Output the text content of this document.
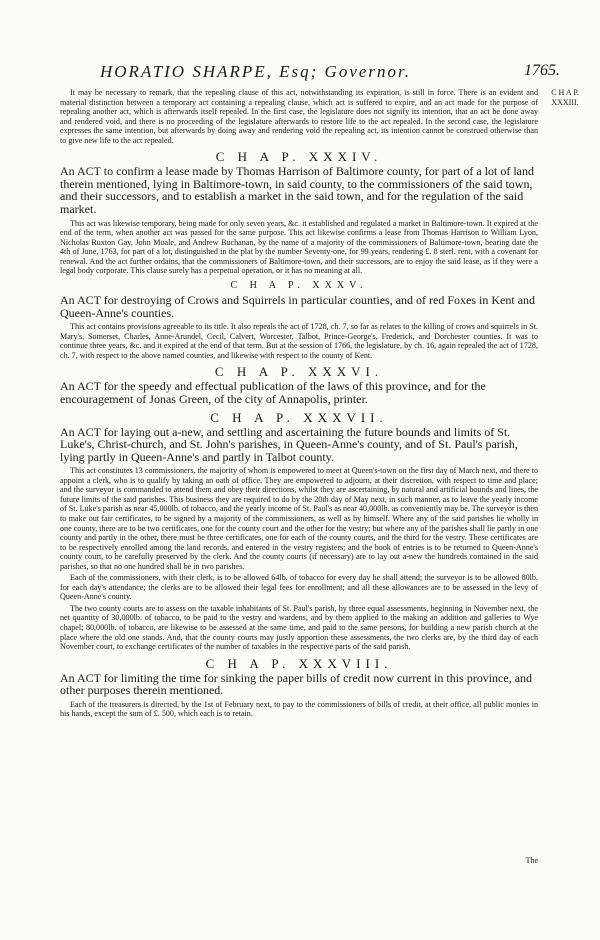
HORATIO SHARPE, Esq; Governor.	1765.
C H A P.
XXXIII.

It may be necessary to remark, that the repealing clause of this act, notwithstanding its expiration, is still in force. There is an evident and material distinction between a temporary act containing a repealing clause, which act is suffered to expire, and an act made for the purpose of repealing another act, which is afterwards itself repealed. In the first case, the legislature does not signify its intention, that an act be done away and rendered void, and there is no proceeding of the legislature afterwards to restore life to the act repealed. In the second case, the legislature expresses the same intention, but afterwards by doing away and rendering void the repealing act, its intention cannot be construed otherwise than to give new life to the act repealed.

C H A P. XXXIV.

An ACT to confirm a lease made by Thomas Harrison of Baltimore county, for part of a lot of land therein mentioned, lying in Baltimore-town, in said county, to the commissioners of the said town, and their successors, and to establish a market in the said town, and for the regulation of the said market.

This act was likewise temporary, being made for only seven years, &c. it established and regulated a market in Baltimore-town. It expired at the end of the term, when another act was passed for the same purpose. This act likewise confirms a lease from Thomas Harrison to William Lyon, Nicholas Ruxton Gay, John Moale, and Andrew Buchanan, by the name of a majority of the commissioners of Baltimore-town, bearing date the 4th of June, 1763, for part of a lot, distinguished in the plat by the number Seventy-one, for 99 years, rendering £. 8 sterl. rent, with a covenant for renewal. And the act further ordains, that the commissioners of Baltimore-town, and their successors, are to enjoy the said lease, as if they were a legal body corporate. This clause surely has a perpetual operation, or it has no meaning at all.

C H A P. XXXV.

An ACT for destroying of Crows and Squirrels in particular counties, and of red Foxes in Kent and Queen-Anne's counties.

This act contains provisions agreeable to its title. It also repeals the act of 1728, ch. 7, so far as relates to the killing of crows and squirrels in St. Mary's, Somerset, Charles, Anne-Arundel, Cecil, Calvert, Worcester, Talbot, Prince-George's, Frederick, and Dorchester counties. It was to continue three years, &c. and it expired at the end of that term. But at the session of 1766, the legislature, by ch. 16, again repealed the act of 1728, ch. 7, with respect to the above named counties, and likewise with respect to the county of Kent.

C H A P. XXXVI.

An ACT for the speedy and effectual publication of the laws of this province, and for the encouragement of Jonas Green, of the city of Annapolis, printer.

C H A P. XXXVII.

An ACT for laying out a-new, and settling and ascertaining the future bounds and limits of St. Luke's, Christ-church, and St. John's parishes, in Queen-Anne's county, and of St. Paul's parish, lying partly in Queen-Anne's and partly in Talbot county.

This act constitutes 13 commissioners, the majority of whom is empowered to meet at Queen's-town on the first day of March next, and there to appoint a clerk, who is to qualify by taking an oath of office. They are empowered to adjourn, at their discretion, with respect to time and place; and the surveyor is commanded to attend them and obey their directions, whilst they are ascertaining, by natural and artificial bounds and lines, the future limits of the said parishes. This business they are required to do by the 20th day of May next, in such manner, as to leave the yearly income of St. Luke's parish as near 45,000lb. of tobacco, and the yearly income of St. Paul's as near 40,000lb. as conveniently may be. The surveyor is then to make out fair certificates, to be signed by a majority of the commissioners, as well as by himself. Where any of the said parishes lie wholly in one county, there are to be two certificates, one for the county court and the other for the vestry; but where any of the parishes shall lie partly in one county and partly in the other, there must be three certificates, one for each of the county courts, and the third for the vestry. These certificates are to be respectively enrolled among the land records, and entered in the vestry registers; and the book of entries is to be returned to Queen-Anne's county court, to be carefully preserved by the clerk. And the county courts (if necessary) are to lay out a-new the hundreds contained in the said parishes, so that no one hundred shall be in two parishes.

Each of the commissioners, with their clerk, is to be allowed 64lb. of tobacco for every day he shall attend; the surveyor is to be allowed 80lb. for each day's attendance; the clerks are to be allowed their legal fees for enrollment; and all these allowances are to be assessed in the levy of Queen-Anne's county.

The two county courts are to assess on the taxable inhabitants of St. Paul's parish, by three equal assessments, beginning in November next, the net quantity of 30,000lb. of tobacco, to be paid to the vestry and wardens, and by them applied to the making an addition and galleries to Wye chapel; 80,000lb. of tobacco, are likewise to be assessed at the same time, and paid to the same persons, for building a new parish church at the place where the old one stands. And, that the county courts may justly apportion these assessments, the two clerks are, by the third day of each November court, to exchange certificates of the number of taxables in the respective parts of the said parish.

C H A P. XXXVIII.

An ACT for limiting the time for sinking the paper bills of credit now current in this province, and other purposes therein mentioned.

Each of the treasurers is directed, by the 1st of February next, to pay to the commissioners of bills of credit, at their office, all public monies in his hands, except the sum of £. 500, which each is to retain.

The
